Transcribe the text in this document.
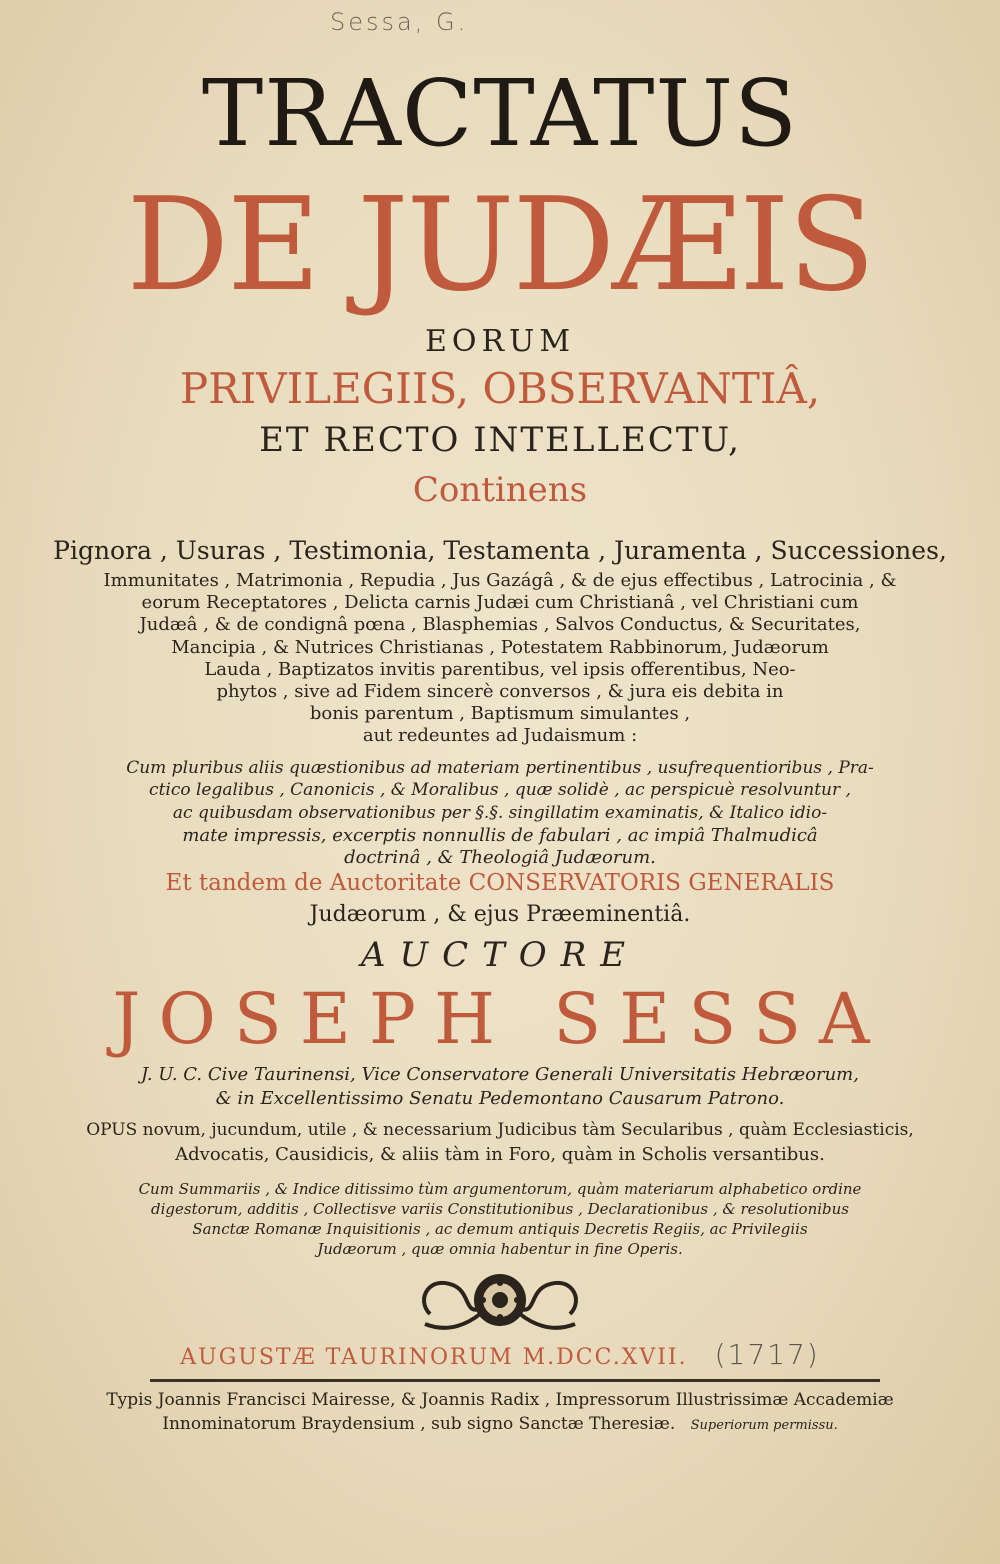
Sessa, G.
TRACTATUS
DE JUDÆIS
EORUM
PRIVILEGIIS, OBSERVANTIÂ,
ET RECTO INTELLECTU,
Continens
Pignora , Usuras , Testimonia, Testamenta , Juramenta , Successiones,
Immunitates , Matrimonia , Repudia , Jus Gazágâ , & de ejus effectibus , Latrocinia , &
eorum Receptatores , Delicta carnis Judæi cum Christianâ , vel Christiani cum
Judæâ , & de condignâ pœna , Blasphemias , Salvos Conductus, & Securitates,
Mancipia , & Nutrices Christianas , Potestatem Rabbinorum, Judæorum
Lauda , Baptizatos invitis parentibus, vel ipsis offerentibus, Neo-
phytos , sive ad Fidem sincerè conversos , & jura eis debita in
bonis parentum , Baptismum simulantes ,
aut redeuntes ad Judaismum :
Cum pluribus aliis quæstionibus ad materiam pertinentibus , usufrequentioribus , Pra-
ctico legalibus , Canonicis , & Moralibus , quæ solidè , ac perspicuè resolvuntur ,
ac quibusdam observationibus per §.§. singillatim examinatis, & Italico idio-
mate impressis, excerptis nonnullis de fabulari , ac impiâ Thalmudicâ
doctrinâ , & Theologiâ Judæorum.
Et tandem de Auctoritate CONSERVATORIS GENERALIS
Judæorum , & ejus Præeminentiâ.
AUCTORE
JOSEPH SESSA
J. U. C. Cive Taurinensi, Vice Conservatore Generali Universitatis Hebræorum,
& in Excellentissimo Senatu Pedemontano Causarum Patrono.
OPUS novum, jucundum, utile , & necessarium Judicibus tàm Secularibus , quàm Ecclesiasticis,
Advocatis, Causidicis, & aliis tàm in Foro, quàm in Scholis versantibus.
Cum Summariis , & Indice ditissimo tùm argumentorum, quàm materiarum alphabetico ordine
digestorum, additis , Collectisve variis Constitutionibus , Declarationibus , & resolutionibus
Sanctæ Romanæ Inquisitionis , ac demum antiquis Decretis Regiis, ac Privilegiis
Judæorum , quæ omnia habentur in fine Operis.
AUGUSTÆ TAURINORUM M.DCC.XVII. (1717)
Typis Joannis Francisci Mairesse, & Joannis Radix , Impressorum Illustrissimæ Accademiæ
Innominatorum Braydensium , sub signo Sanctæ Theresiæ. Superiorum permissu.
